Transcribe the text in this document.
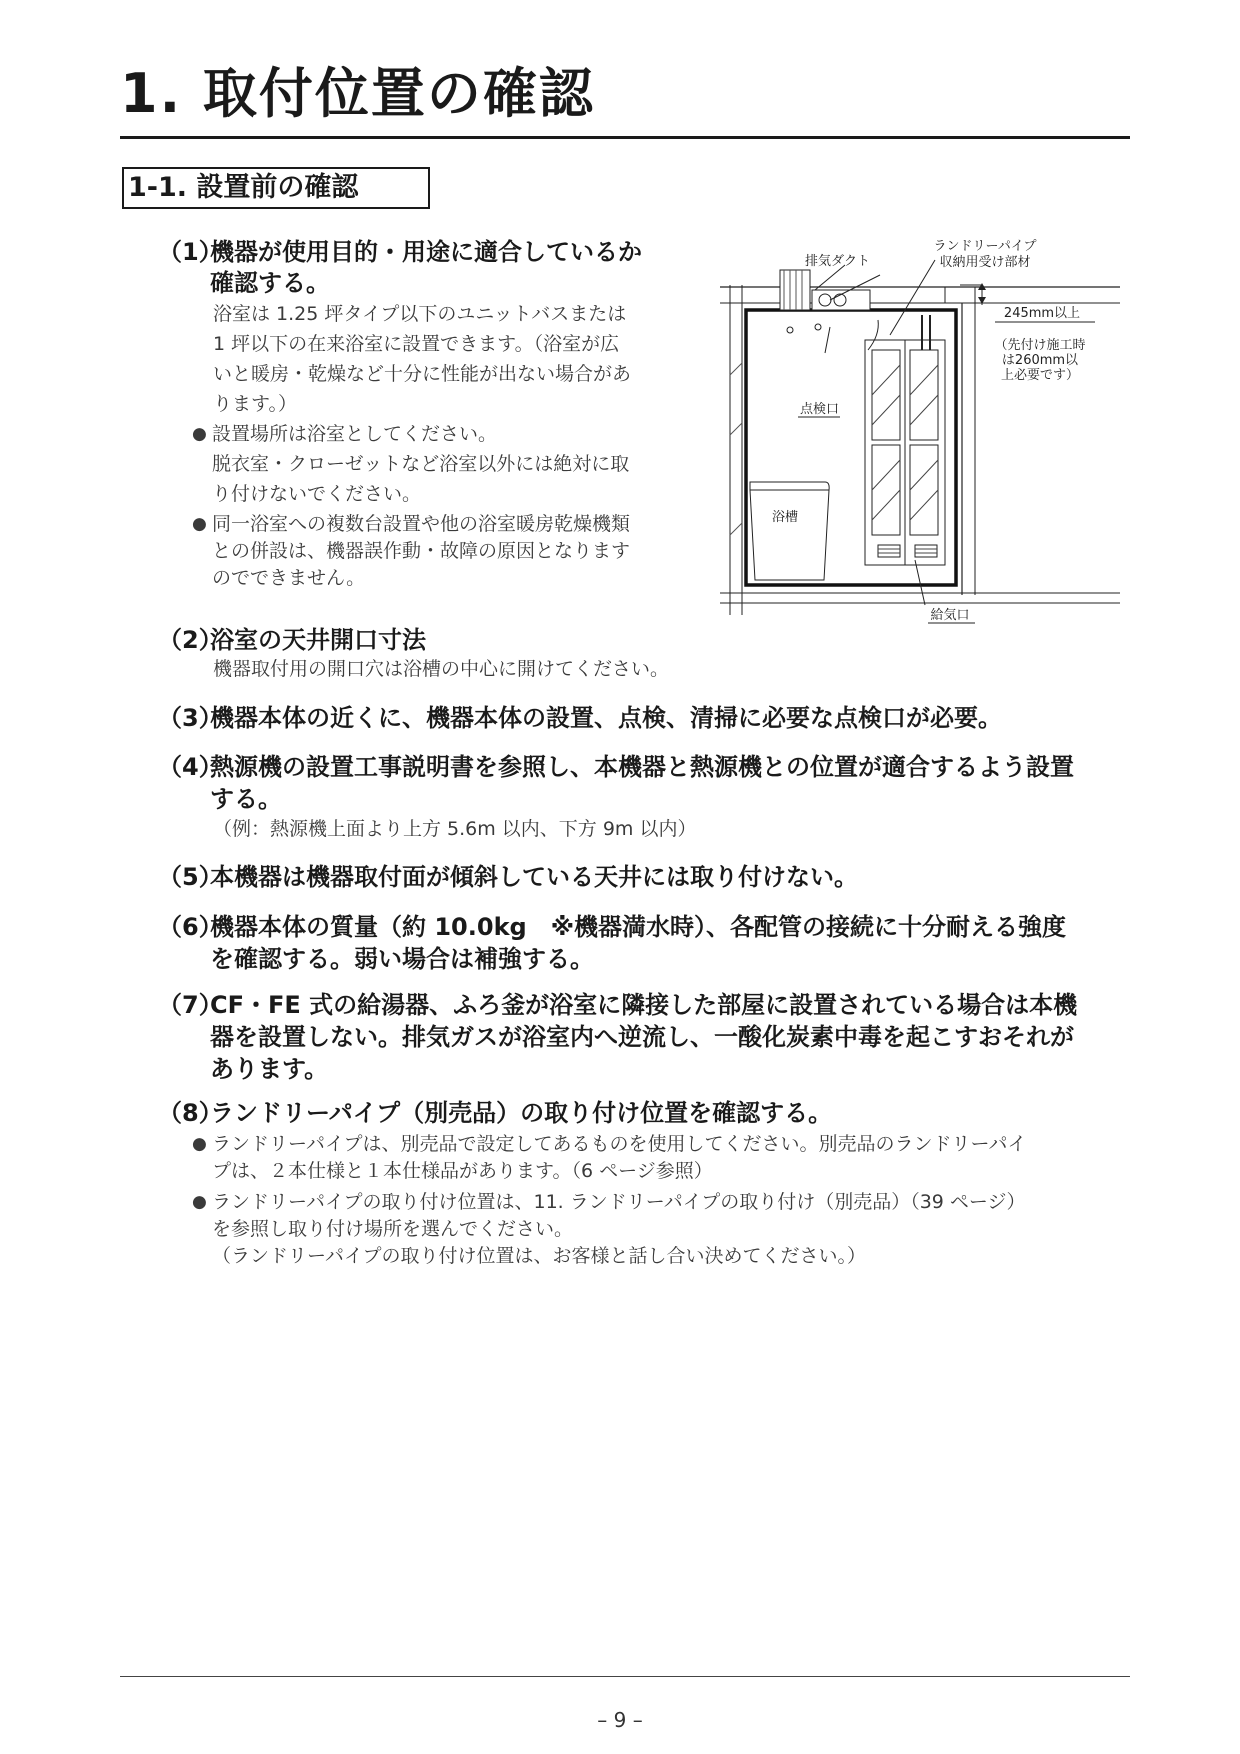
1. 取付位置の確認
1-1. 設置前の確認
（1）
機器が使用目的・用途に適合しているか
確認する。
浴室は 1.25 坪タイプ以下のユニットバスまたは
1 坪以下の在来浴室に設置できます。（浴室が広
いと暖房・乾燥など十分に性能が出ない場合があ
ります。）
● 設置場所は浴室としてください。
脱衣室・クローゼットなど浴室以外には絶対に取
り付けないでください。
● 同一浴室への複数台設置や他の浴室暖房乾燥機類
との併設は、機器誤作動・故障の原因となります
のでできません。
排気ダクト
ランドリーパイプ
収納用受け部材
245mm以上
（先付け施工時
は260mm以
上必要です）
点検口
浴槽
給気口
（2）
浴室の天井開口寸法
機器取付用の開口穴は浴槽の中心に開けてください。
（3）
機器本体の近くに、機器本体の設置、点検、清掃に必要な点検口が必要。
（4）
熱源機の設置工事説明書を参照し、本機器と熱源機との位置が適合するよう設置
する。
（例：熱源機上面より上方 5.6m 以内、下方 9m 以内）
（5）
本機器は機器取付面が傾斜している天井には取り付けない。
（6）
機器本体の質量（約 10.0kg　※機器満水時）、各配管の接続に十分耐える強度
を確認する。弱い場合は補強する。
（7）
CF・FE 式の給湯器、ふろ釜が浴室に隣接した部屋に設置されている場合は本機
器を設置しない。排気ガスが浴室内へ逆流し、一酸化炭素中毒を起こすおそれが
あります。
（8）
ランドリーパイプ（別売品）の取り付け位置を確認する。
● ランドリーパイプは、別売品で設定してあるものを使用してください。別売品のランドリーパイ
プは、２本仕様と１本仕様品があります。（6 ページ参照）
● ランドリーパイプの取り付け位置は、11. ランドリーパイプの取り付け（別売品）（39 ページ）
を参照し取り付け場所を選んでください。
（ランドリーパイプの取り付け位置は、お客様と話し合い決めてください。）
– 9 –
